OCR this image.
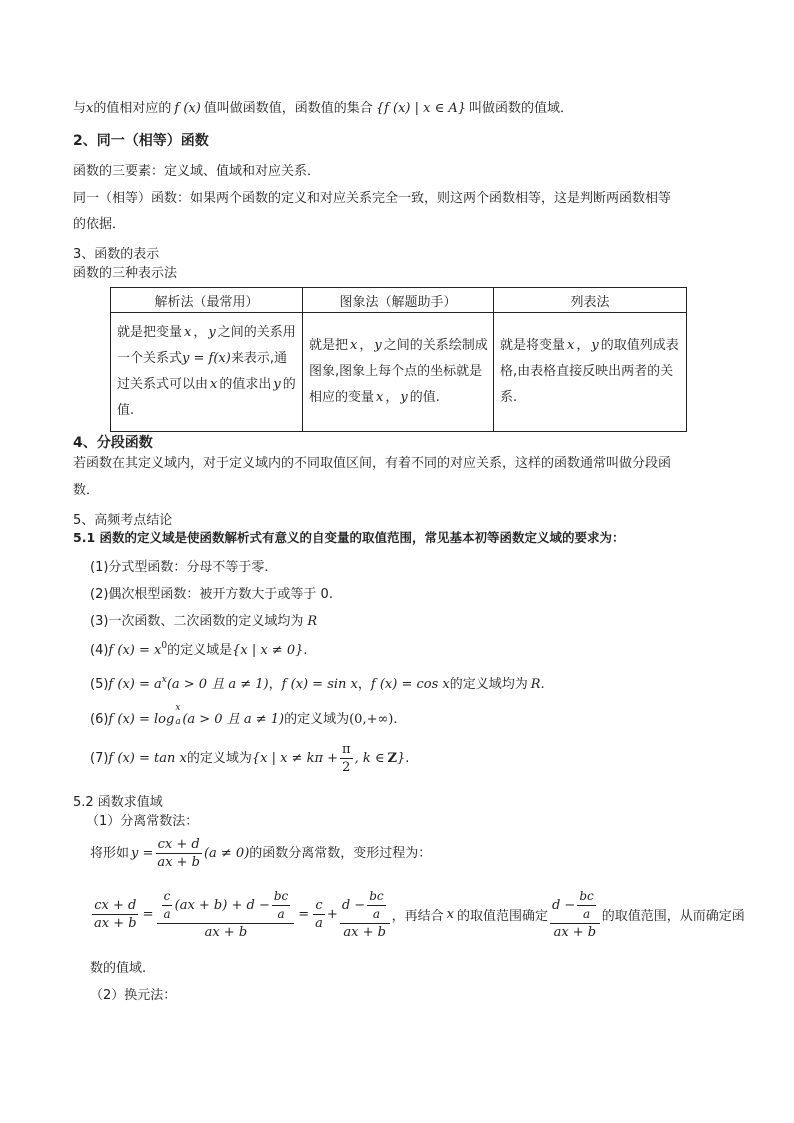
与x的值相对应的 f (x) 值叫做函数值，函数值的集合 {f (x) | x ∈ A} 叫做函数的值域．
2、同一（相等）函数
函数的三要素：定义域、值域和对应关系．
同一（相等）函数：如果两个函数的定义和对应关系完全一致，则这两个函数相等，这是判断两函数相等
的依据．
3、函数的表示
函数的三种表示法
解析法（最常用）	图象法（解题助手）	列表法
就是把变量 x ， y 之间的关系用一个关系式y = f(x)来表示,通过关系式可以由 x 的值求出 y 的值.	就是把 x ， y 之间的关系绘制成图象,图象上每个点的坐标就是相应的变量 x ， y 的值.	就是将变量 x ， y 的取值列成表格,由表格直接反映出两者的关系.
4、分段函数
若函数在其定义域内，对于定义域内的不同取值区间，有着不同的对应关系，这样的函数通常叫做分段函
数．
5、高频考点结论
5.1 函数的定义域是使函数解析式有意义的自变量的取值范围，常见基本初等函数定义域的要求为：
(1)分式型函数：分母不等于零.
(2)偶次根型函数：被开方数大于或等于 0.
(3)一次函数、二次函数的定义域均为 R
(4)f $(x) = x^0$的定义域是{x | x ≠ 0}.
(5)f $(x) = a^x(a > 0$ 且 a ≠ 1)，f (x) = sin x，f (x) = cos x的定义域均为 R.
(6)f (x) = log
x
a (a > 0 且 a ≠ 1)的定义域为(0,+∞).
(7)f (x) = tan x的定义域为{x | $x \ne k\pi + \frac{\pi}{2}$ , k ∈ Z}.
5.2 函数求值域
（1）分离常数法：
将形如 $y = \frac{cx + d}{ax + b} (a \ne 0)$的函数分离常数，变形过程为：
$\frac{cx + d}{ax + b} = \frac{\frac{c}{a} (ax + b) + d - \frac{bc}{a}}{ax + b} = \frac{c}{a} + \frac{d - \frac{bc}{a}}{ax + b}$ ，再结合 x 的取值范围确定 $\frac{d - \frac{bc}{a}}{ax + b}$ 的取值范围，从而确定函
数的值域.
（2）换元法：
